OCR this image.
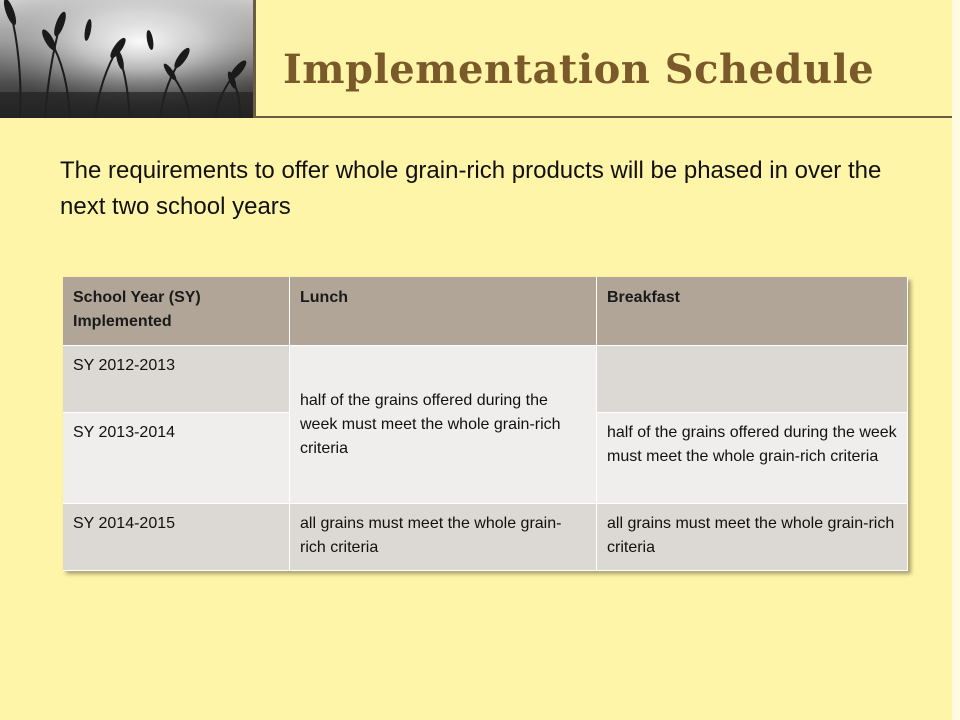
Implementation Schedule

The requirements to offer whole grain-rich products will be phased in over the next two school years

School Year (SY) Implemented	Lunch	Breakfast
SY 2012-2013	half of the grains offered during the week must meet the whole grain-rich criteria	
SY 2013-2014		half of the grains offered during the week must meet the whole grain-rich criteria
SY 2014-2015	all grains must meet the whole grain-rich criteria	all grains must meet the whole grain-rich criteria
